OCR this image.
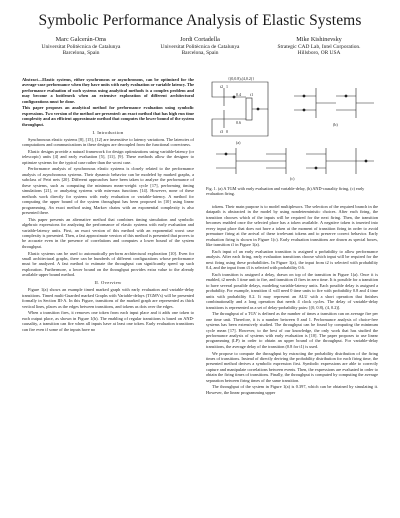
Symbolic Performance Analysis of Elastic Systems
Marc Galcerán-Oms
Universitat Politècnica de Catalunya
Barcelona, Spain
Jordi Cortadella
Universitat Politècnica de Catalunya
Barcelona, Spain
Mike Kishinevsky
Strategic CAD Lab, Intel Corporation.
Hillsboro, OR USA

Abstract—Elastic systems, either synchronous or asynchronous, can be optimized for the average-case performance when they have units with early evaluation or variable latency. The performance evaluation of such systems using analytical methods is a complex problem and may become a bottleneck when an extensive exploration of different architectural configurations must be done.

This paper proposes an analytical method for performance evaluation using symbolic expressions. Two version of the method are presented: an exact method that has high run time complexity and an efficient approximate method that computes the lower bound of the system throughput.

I. Introduction

Synchronous elastic systems [8], [15], [12] are insensitive to latency variations. The latencies of computations and communications in these designs are decoupled from the functional correctness.

Elastic designs provide a natural framework for design optimizations using variable-latency (or telescopic) units [4] and early evaluation [5], [11], [9]. These methods allow the designer to optimize systems for the typical case rather than the worst case.

Performance analysis of synchronous elastic systems is closely related to the performance analysis of asynchronous systems. Their dynamic behavior can be modeled by marked graphs, a subclass of Petri nets [20]. Different approaches have been taken to analyze the performance of these systems, such as computing the minimum mean-weight cycle [17], performing timing simulations [21], or analyzing systems with min-max functions [14]. However, none of these methods work directly for systems with early evaluation or variable-latency. A method for computing the upper bound of the system throughput has been proposed in [10] using linear programming. An exact method using Markov chains with an exponential complexity is also presented there.

This paper presents an alternative method that combines timing simulation and symbolic algebraic expressions for analyzing the performance of elastic systems with early evaluation and variable-latency units. First, an exact version of this method with an exponential worst case complexity is presented. Then, a fast approximate version of this method is presented that proves to be accurate even in the presence of correlations and computes a lower bound of the system throughput.

Elastic systems can be used to automatically perform architectural exploration [10]. Even for small architectural graphs, there can be hundreds of different configurations whose performance must be analyzed. A fast method to estimate the throughput can significantly speed up such exploration. Furthermore, a lower bound on the throughput provides extra value to the already available upper bound method.

II. Overview

Figure 1(a) shows an example timed marked graph with early evaluation and variable-delay transitions. Timed multi-Guarded marked Graphs with Variable-delays (TGMVs) will be presented formally in Section III-A. In this Figure, transitions of the marked graph are represented as thick vertical lines, places as the edges between transitions, and tokens as dots over the edges.

When a transition fires, it removes one token from each input place and it adds one token to each output place, as shown in Figure 1(b). The enabling of regular transitions is based on AND-causality, a transition can fire when all inputs have at least one token. Early evaluation transitions can fire even if some of the inputs have no

{(0,0.8),(4,0.2)}
t1
t2
t3
0.4
0.6
1
0
(a)
(b)
(c)
Fig. 1. (a) A TGM with early evaluation and variable-delay, (b) AND-causality firing, (c) early evaluation firing.

tokens. Their main purpose is to model multiplexors. The selection of the required branch in the datapath is abstracted in the model by using nondeterministic choices. After each firing, the transition chooses which of the inputs will be required for the next firing. Then, the transition becomes enabled once the selected place has a token available. A negative token is inserted into every input place that does not have a token at the moment of transition firing in order to avoid premature firing at the arrival of these irrelevant tokens and to preserve correct behavior. Early evaluation firing is shown in Figure 1(c). Early evaluation transitions are drawn as special boxes, like transition t1 in Figure 1(a).

Each input of an early evaluation transition is assigned a probability to allow performance analysis. After each firing, early evaluation transitions choose which input will be required for the next firing using these probabilities. In Figure 1(a), the input from t2 is selected with probability 0.4, and the input from t3 is selected with probability 0.6.

Each transition is assigned a delay, drawn on top of the transition in Figure 1(a). Once it is enabled, t2 needs 1 time unit to fire, and transition t3 fires in zero time. It is possible for a transition to have several possible delays, modeling variable-latency units. Each possible delay is assigned a probability. For example, transition t1 will need 0 time units to fire with probability 0.8 and 4 time units with probability 0.2. It may represent an ALU with a short operation that finishes combinationally and a long operation that needs 4 clock cycles. The delay of variable-delay transitions is represented as a set of delay-probability pairs: [(0, 0.8), (4, 0.2)].

The throughput of a TGV is defined as the number of times a transition can on average fire per one time unit. Therefore, it is a number between 0 and 1. Performance analysis of choice-free systems has been extensively studied. The throughput can be found by computing the minimum cycle mean [17]. However, to the best of our knowledge, the only work that has studied the performance analysis of systems with early evaluation is [10]. The paper proposes to use linear programming (LP) in order to obtain an upper bound of the throughput. For variable-delay transitions, the average delay of the transition (0.8 for t1) is used.

We propose to compute the throughput by extracting the probability distribution of the firing times of transitions. Instead of directly deriving the probability distribution for each firing time, the presented method derives a symbolic expression first. Symbolic expressions are able to correctly capture and manipulate correlations between events. Then, the expressions are evaluated in order to obtain the firing times of transitions. Finally, the throughput is computed by computing the average separation between firing times of the same transition.

The throughput of the system in Figure 1(a) is 0.397, which can be obtained by simulating it. However, the linear programming upper
